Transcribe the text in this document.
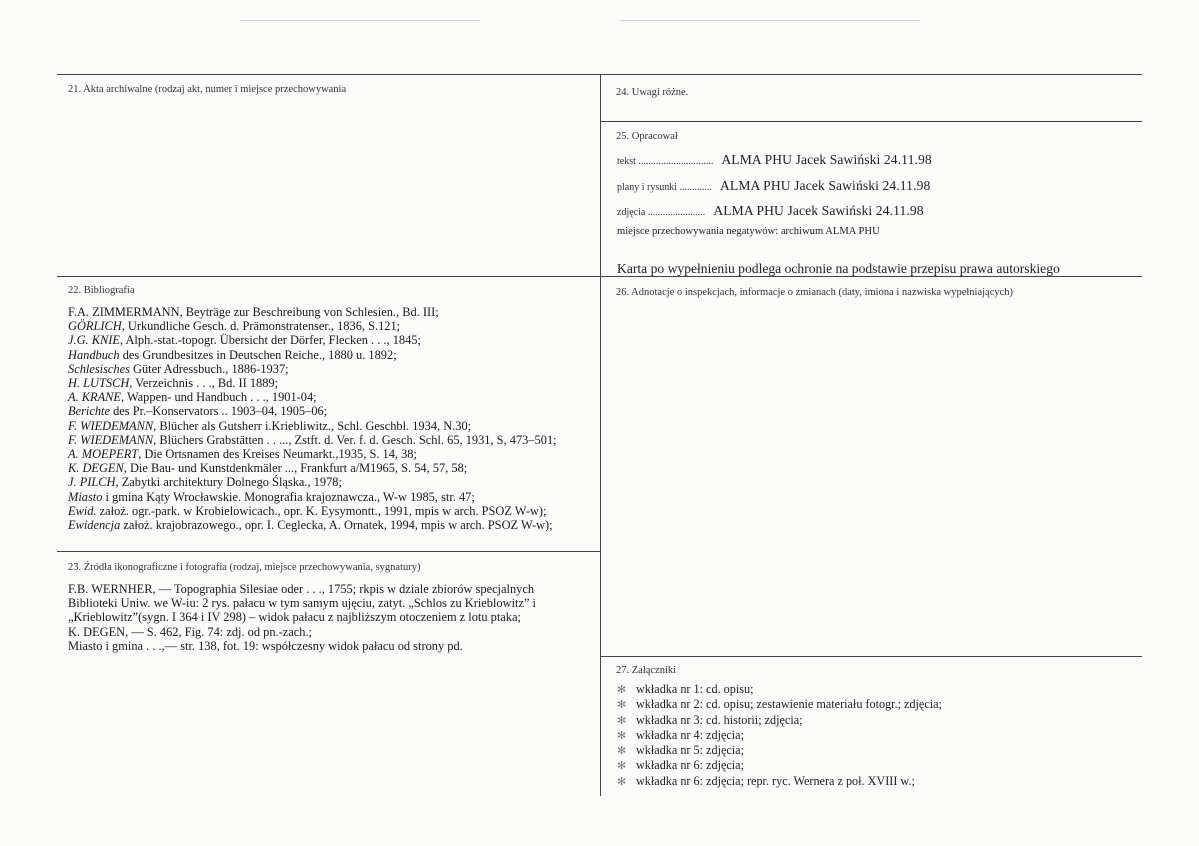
21. Akta archiwalne (rodzaj akt, numer i miejsce przechowywania
22. Bibliografia
F.A. ZIMMERMANN, Beyträge zur Beschreibung von Schlesien., Bd. III;
GÖRLICH, Urkundliche Gesch. d. Prämonstratenser., 1836, S.121;
J.G. KNIE, Alph.-stat.-topogr. Übersicht der Dörfer, Flecken . . ., 1845;
Handbuch des Grundbesitzes in Deutschen Reiche., 1880 u. 1892;
Schlesisches Güter Adressbuch., 1886-1937;
H. LUTSCH, Verzeichnis . . ., Bd. II 1889;
A. KRANE, Wappen- und Handbuch . . ., 1901-04;
Berichte des Pr.–Konservators .. 1903–04, 1905–06;
F. WIEDEMANN, Blücher als Gutsherr i.Kriebliwitz., Schl. Geschbl. 1934, N.30;
F. WIEDEMANN, Blüchers Grabstätten . . ..., Zstft. d. Ver. f. d. Gesch. Schl. 65, 1931, S, 473–501;
A. MOEPERT, Die Ortsnamen des Kreises Neumarkt.,1935, S. 14, 38;
K. DEGEN, Die Bau- und Kunstdenkmäler ..., Frankfurt a/M1965, S. 54, 57, 58;
J. PILCH, Zabytki architektury Dolnego Śląska., 1978;
Miasto i gmina Kąty Wrocławskie. Monografia krajoznawcza., W-w 1985, str. 47;
Ewid. założ. ogr.-park. w Krobielowicach., opr. K. Eysymontt., 1991, mpis w arch. PSOZ W-w);
Ewidencja założ. krajobrazowego., opr. I. Ceglecka, A. Ornatek, 1994, mpis w arch. PSOZ W-w);
23. Źródła ikonograficzne i fotografia (rodzaj, miejsce przechowywania, sygnatury)
F.B. WERNHER, — Topographia Silesiae oder . . ., 1755; rkpis w dziale zbiorów specjalnych
Biblioteki Uniw. we W-iu: 2 rys. pałacu w tym samym ujęciu, zatyt. „Schlos zu Krieblowitz” i
„Krieblowitz”(sygn. I 364 i IV 298) – widok pałacu z najbliższym otoczeniem z lotu ptaka;
K. DEGEN, — S. 462, Fig. 74: zdj. od pn.-zach.;
Miasto i gmina . . .,— str. 138, fot. 19: współczesny widok pałacu od strony pd.
24. Uwagi różne.
25. Opracował
tekst .............................. ALMA PHU Jacek Sawiński 24.11.98
plany i rysunki ............. ALMA PHU Jacek Sawiński 24.11.98
zdjęcia ....................... ALMA PHU Jacek Sawiński 24.11.98
miejsce przechowywania negatywów: archiwum ALMA PHU
Karta po wypełnieniu podlega ochronie na podstawie przepisu prawa autorskiego
26. Adnotacje o inspekcjach, informacje o zmianach (daty, imiona i nazwiska wypełniających)
27. Załączniki
✻ wkładka nr 1: cd. opisu;
✻ wkładka nr 2: cd. opisu; zestawienie materiału fotogr.; zdjęcia;
✻ wkładka nr 3: cd. historii; zdjęcia;
✻ wkładka nr 4: zdjęcia;
✻ wkładka nr 5: zdjęcia;
✻ wkładka nr 6: zdjęcia;
✻ wkładka nr 6: zdjęcia; repr. ryc. Wernera z poł. XVIII w.;
